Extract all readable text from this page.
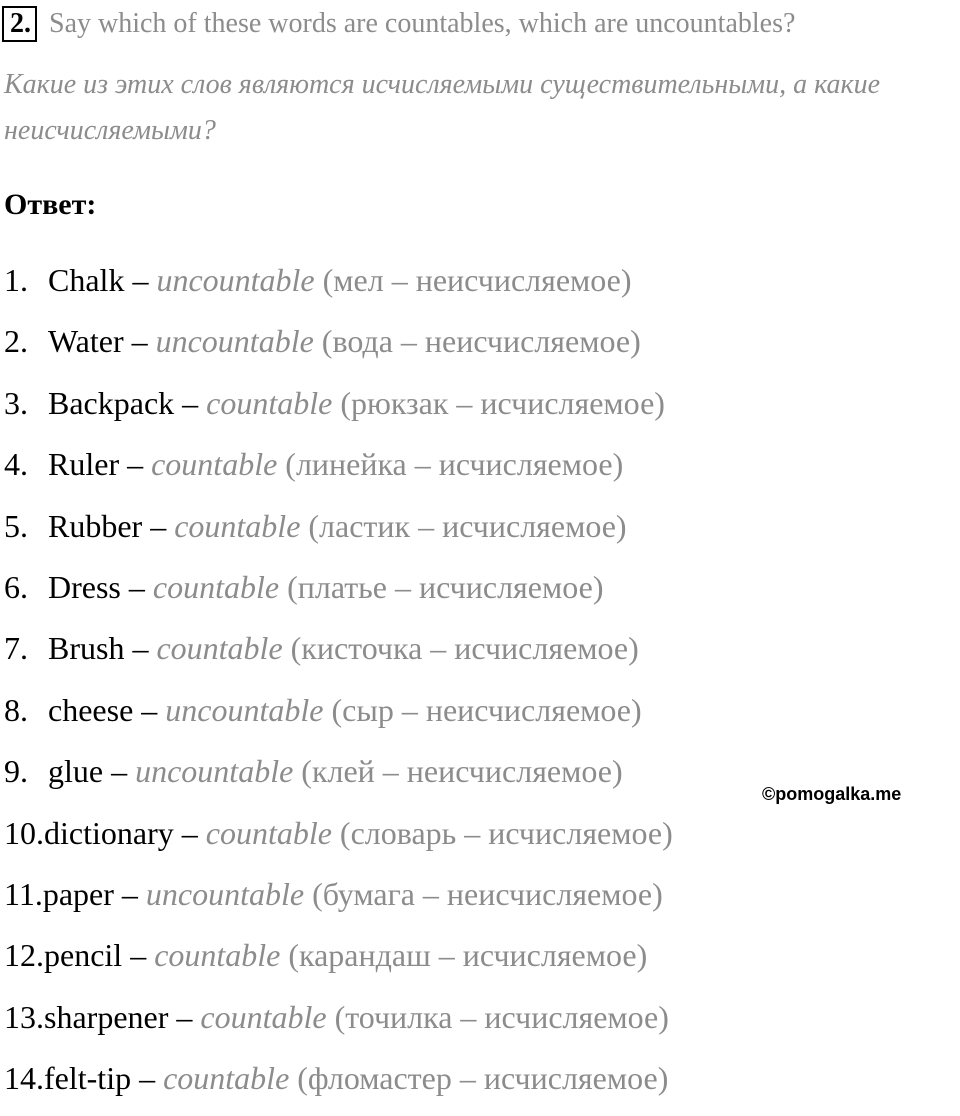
2. Say which of these words are countables, which are uncountables?
Какие из этих слов являются исчисляемыми существительными, а какие неисчисляемыми?
Ответ:
1. Chalk – uncountable (мел – неисчисляемое)
2. Water – uncountable (вода – неисчисляемое)
3. Backpack – countable (рюкзак – исчисляемое)
4. Ruler – countable (линейка – исчисляемое)
5. Rubber – countable (ластик – исчисляемое)
6. Dress – countable (платье – исчисляемое)
7. Brush – countable (кисточка – исчисляемое)
8. cheese – uncountable (сыр – неисчисляемое)
9. glue – uncountable (клей – неисчисляемое)
10.dictionary – countable (словарь – исчисляемое)
11.paper – uncountable (бумага – неисчисляемое)
12.pencil – countable (карандаш – исчисляемое)
13.sharpener – countable (точилка – исчисляемое)
14.felt-tip – countable (фломастер – исчисляемое)
©pomogalka.me
